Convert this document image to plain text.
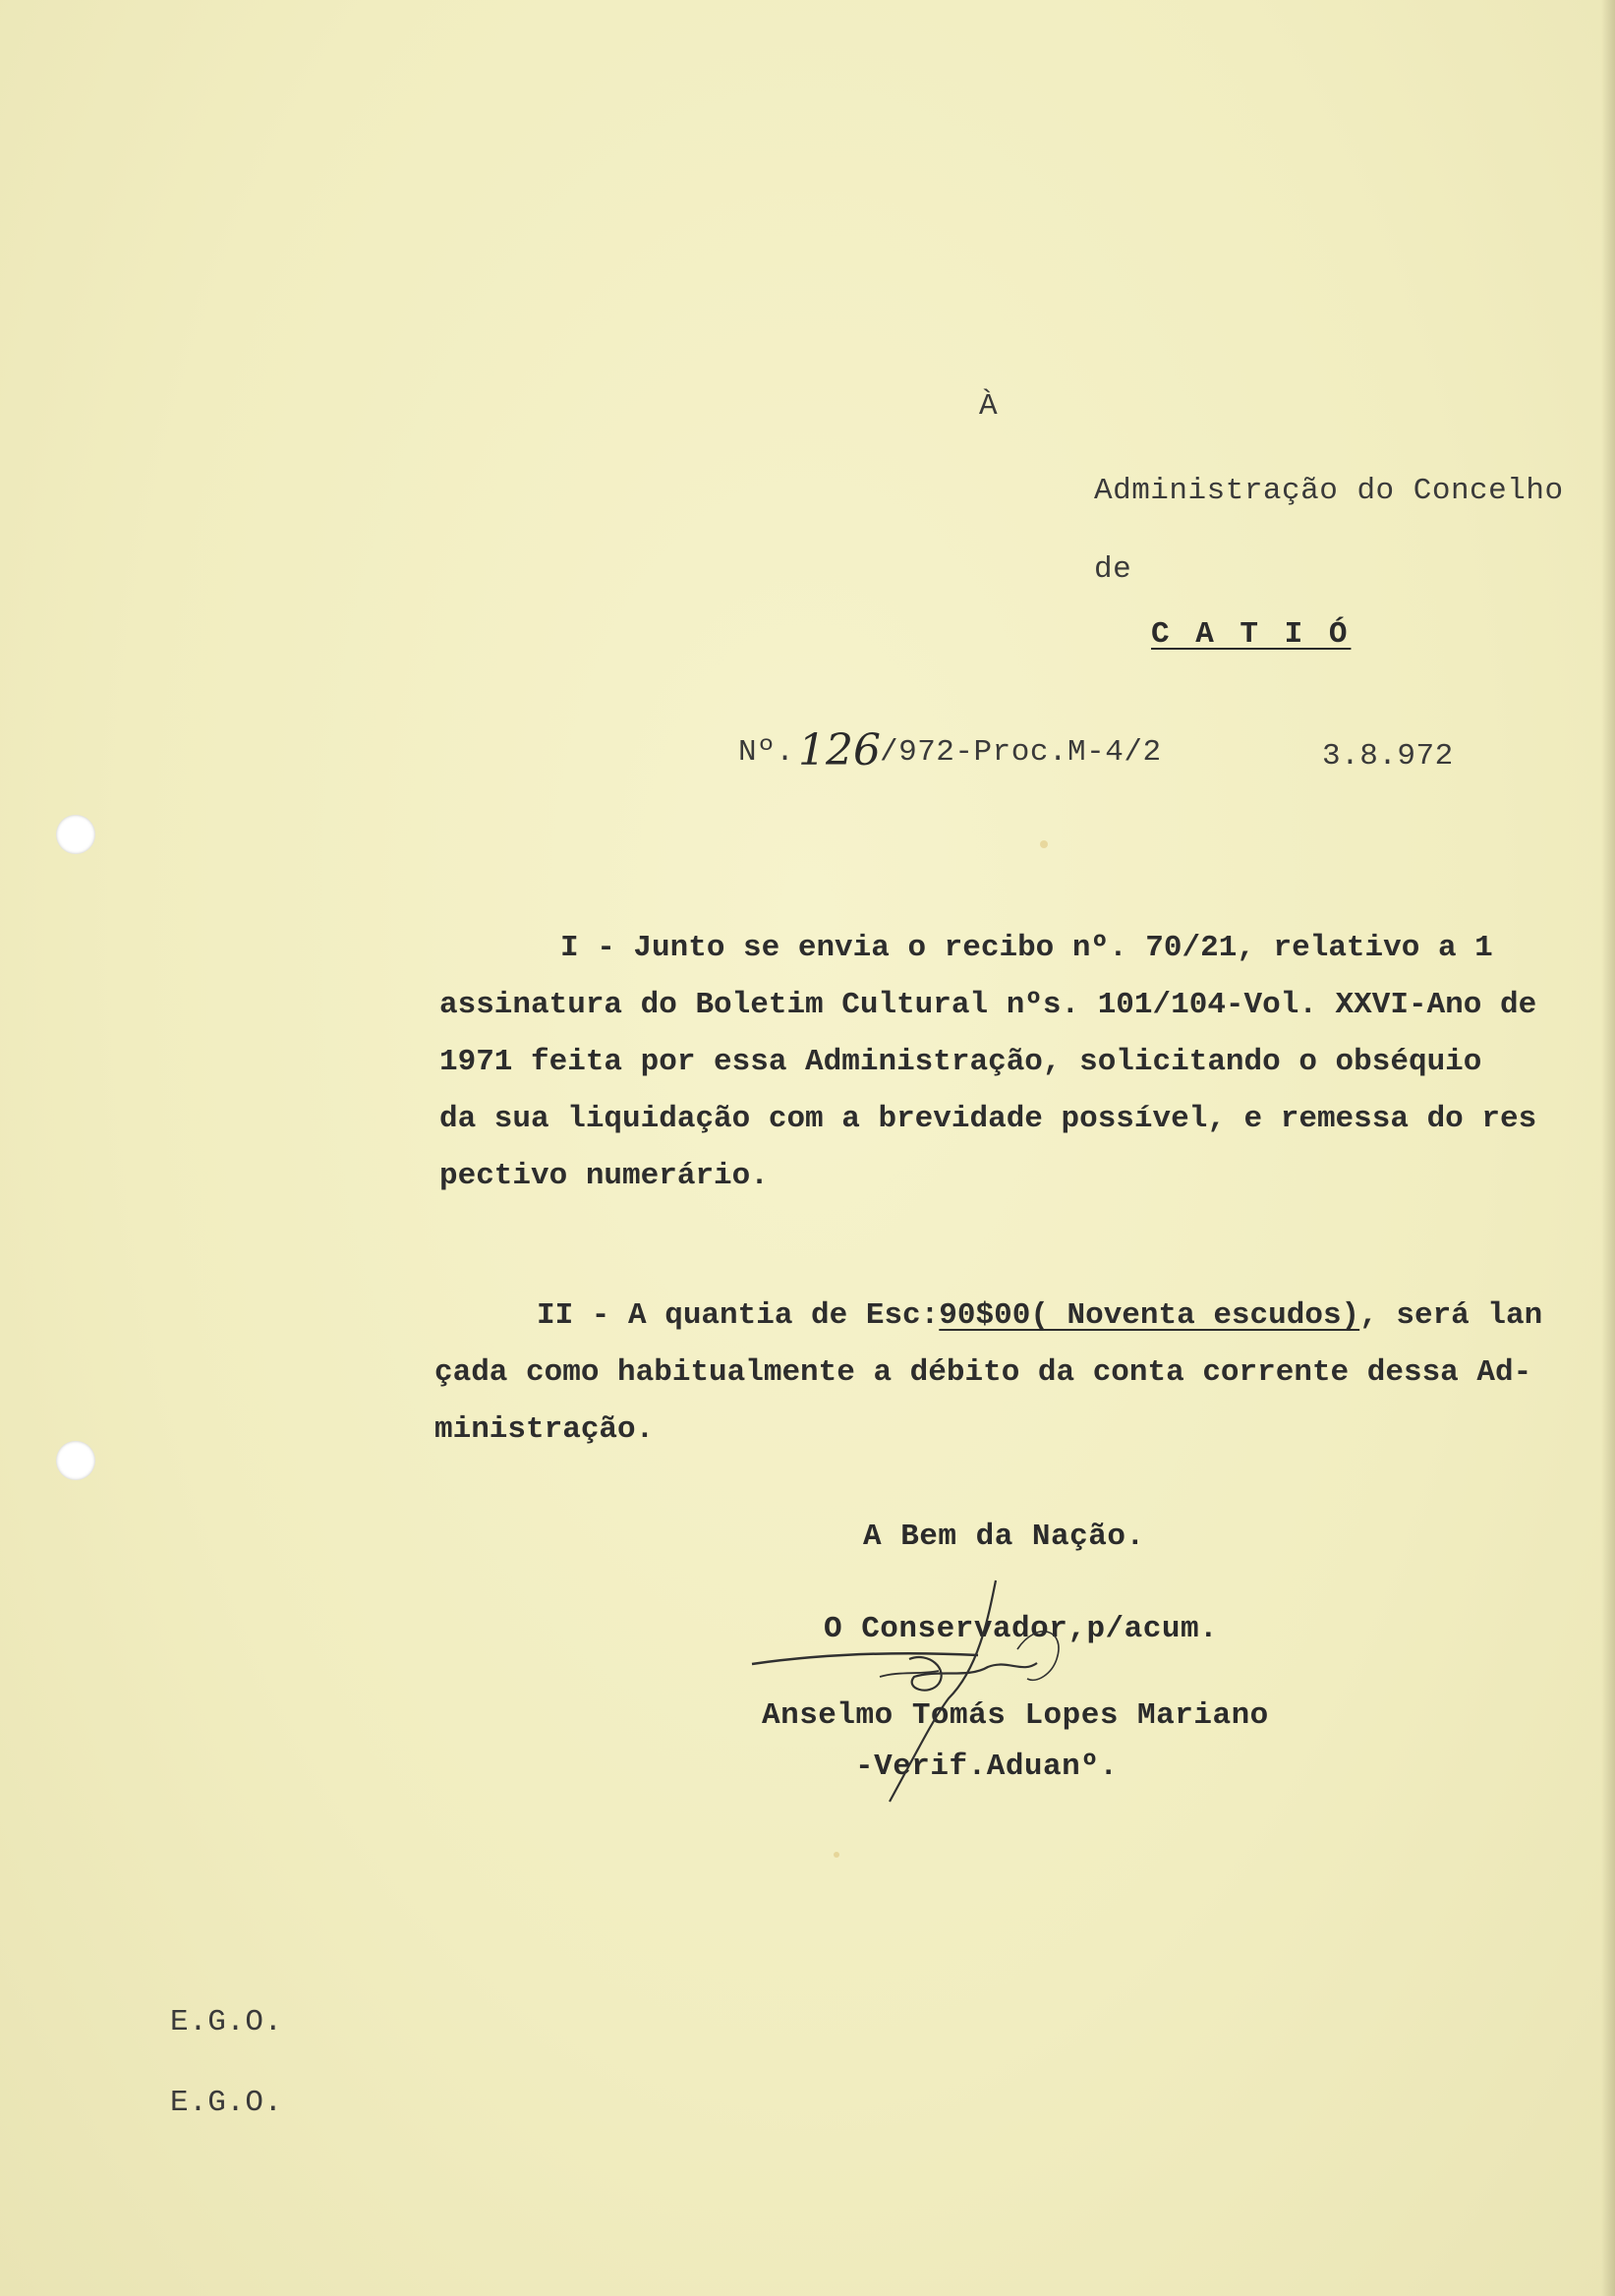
À
Administração do Concelho
de
C A T I Ó
Nº. 126 /972-Proc.M-4/2	3.8.972
I - Junto se envia o recibo nº. 70/21, relativo a 1
assinatura do Boletim Cultural nºs. 101/104-Vol. XXVI-Ano de
1971 feita por essa Administração, solicitando o obséquio
da sua liquidação com a brevidade possível, e remessa do res
pectivo numerário.
II - A quantia de Esc:90$00( Noventa escudos), será lan
çada como habitualmente a débito da conta corrente dessa Ad-
ministração.
A Bem da Nação.
O Conservador,p/acum.
Anselmo Tomás Lopes Mariano
-Verif.Aduanº.
E.G.O.
E.G.O.
